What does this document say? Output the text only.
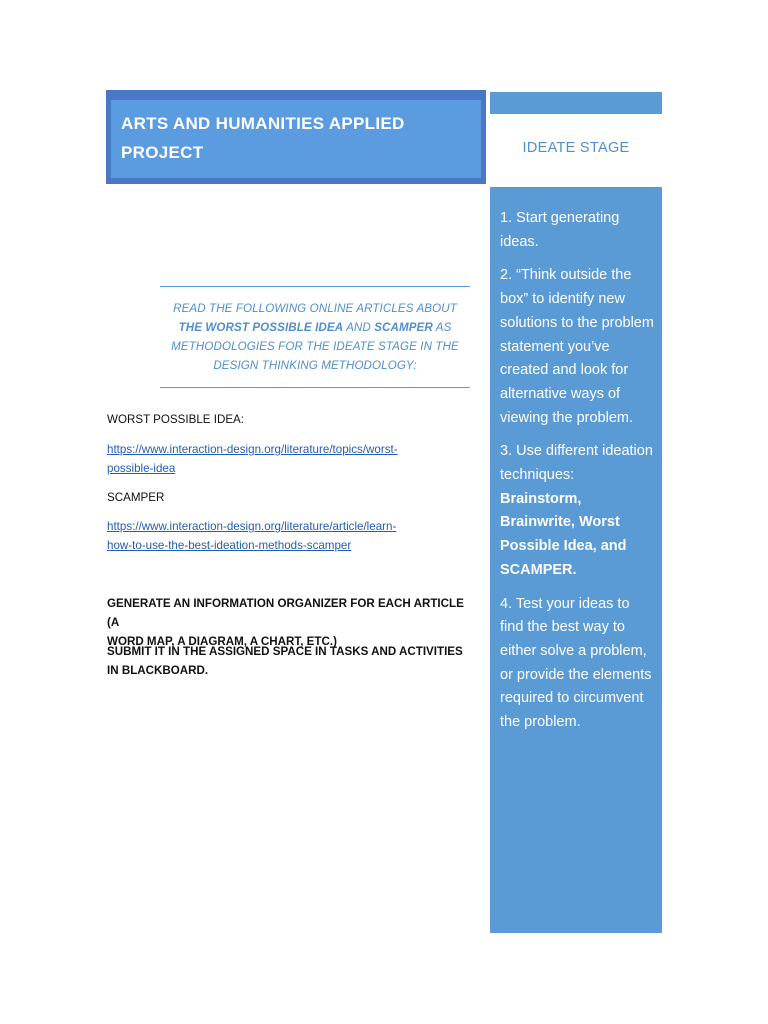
ARTS AND HUMANITIES APPLIED
PROJECT	IDEATE STAGE

1. Start generating ideas.

2. “Think outside the box” to identify new solutions to the problem statement you’ve created and look for alternative ways of viewing the problem.

3. Use different ideation techniques: Brainstorm, Brainwrite, Worst Possible Idea, and SCAMPER.

4. Test your ideas to find the best way to either solve a problem, or provide the elements required to circumvent the problem.

READ THE FOLLOWING ONLINE ARTICLES ABOUT THE WORST POSSIBLE IDEA AND SCAMPER AS METHODOLOGIES FOR THE IDEATE STAGE IN THE DESIGN THINKING METHODOLOGY:
WORST POSSIBLE IDEA:
https://www.interaction-design.org/literature/topics/worst-
possible-idea
SCAMPER
https://www.interaction-design.org/literature/article/learn-
how-to-use-the-best-ideation-methods-scamper
GENERATE AN INFORMATION ORGANIZER FOR EACH ARTICLE (A
WORD MAP, A DIAGRAM, A CHART, ETC.)
SUBMIT IT IN THE ASSIGNED SPACE IN TASKS AND ACTIVITIES
IN BLACKBOARD.
